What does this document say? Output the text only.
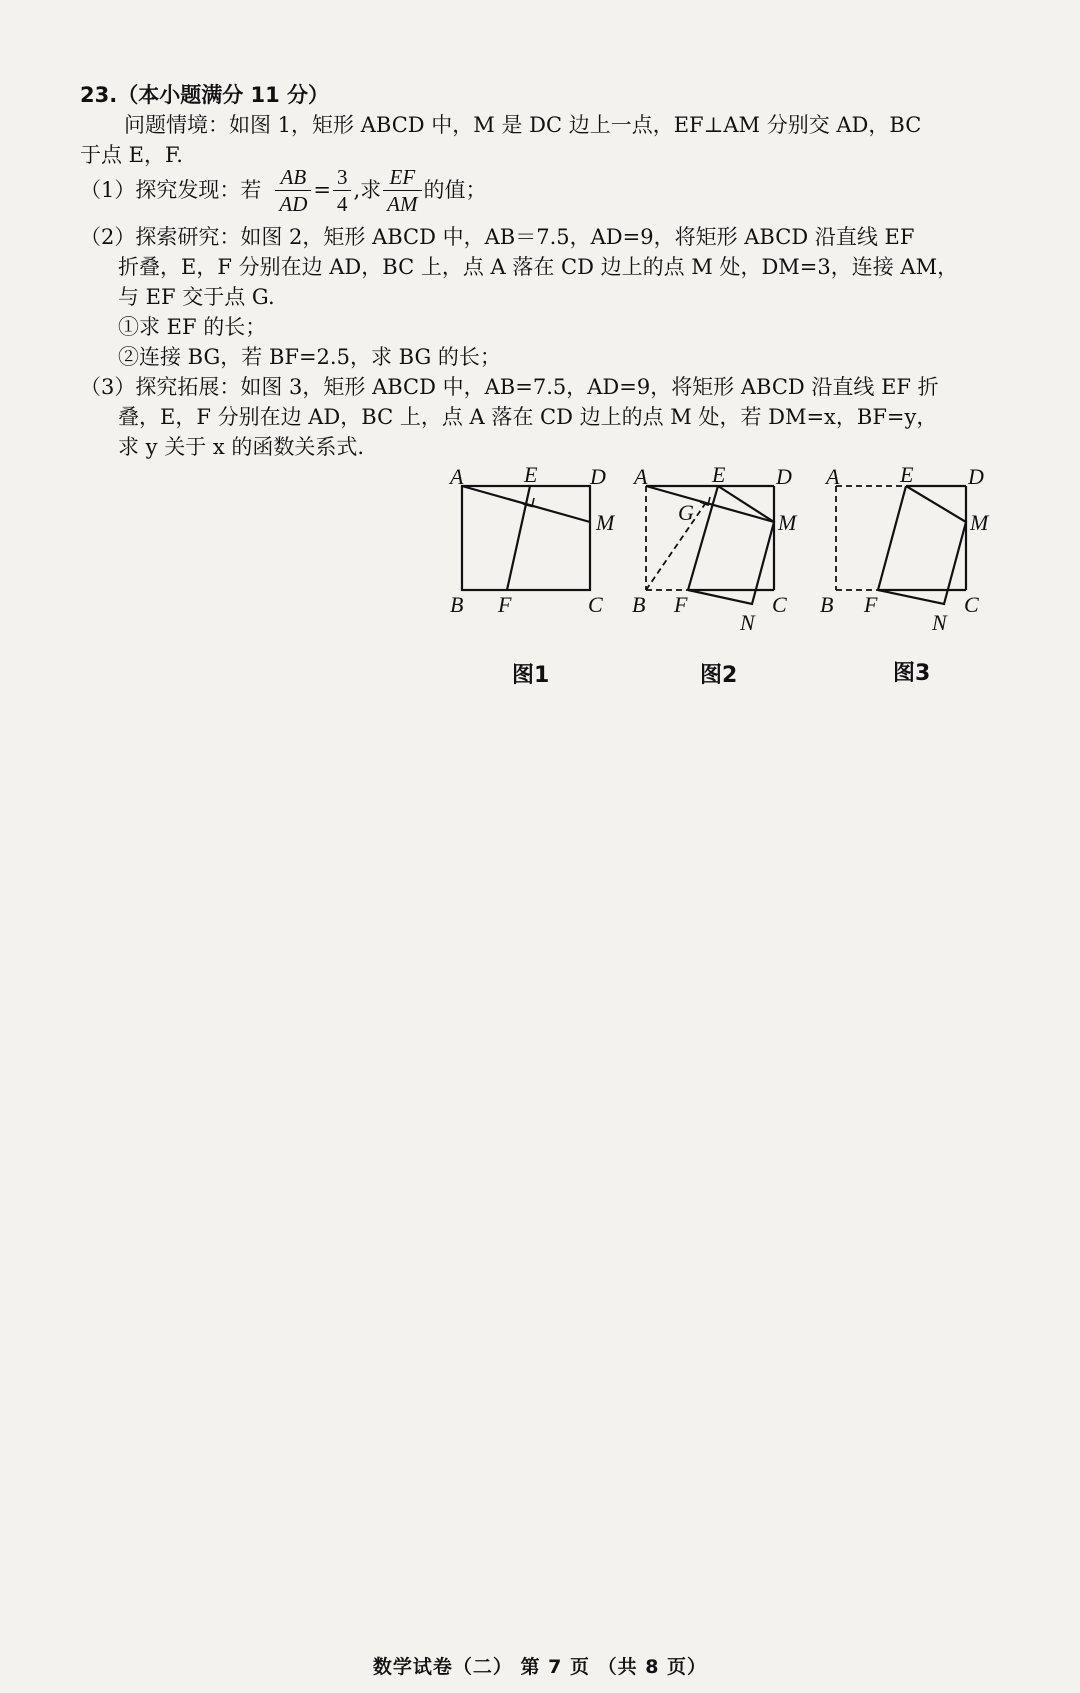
23.（本小题满分 11 分）
问题情境：如图 1，矩形 ABCD 中，M 是 DC 边上一点，EF⊥AM 分别交 AD，BC
于点 E，F.
（1）探究发现：若 $\frac{AB}{AD} = \frac{3}{4}$ ,求 $\frac{EF}{AM}$ 的值；
（2）探索研究：如图 2，矩形 ABCD 中，AB＝7.5，AD=9，将矩形 ABCD 沿直线 EF
折叠，E，F 分别在边 AD，BC 上，点 A 落在 CD 边上的点 M 处，DM=3，连接 AM，
与 EF 交于点 G.
①求 EF 的长；
②连接 BG，若 BF=2.5，求 BG 的长；
（3）探究拓展：如图 3，矩形 ABCD 中，AB=7.5，AD=9，将矩形 ABCD 沿直线 EF 折
叠，E，F 分别在边 AD，BC 上，点 A 落在 CD 边上的点 M 处，若 DM=x，BF=y，
求 y 关于 x 的函数关系式.
A	E D
M
B F	C
图1
A	E D
G	M
B F	C
N
图2
A	E D
M
B F	C
N
图3
数学试卷（二） 第 7 页 （共 8 页）
